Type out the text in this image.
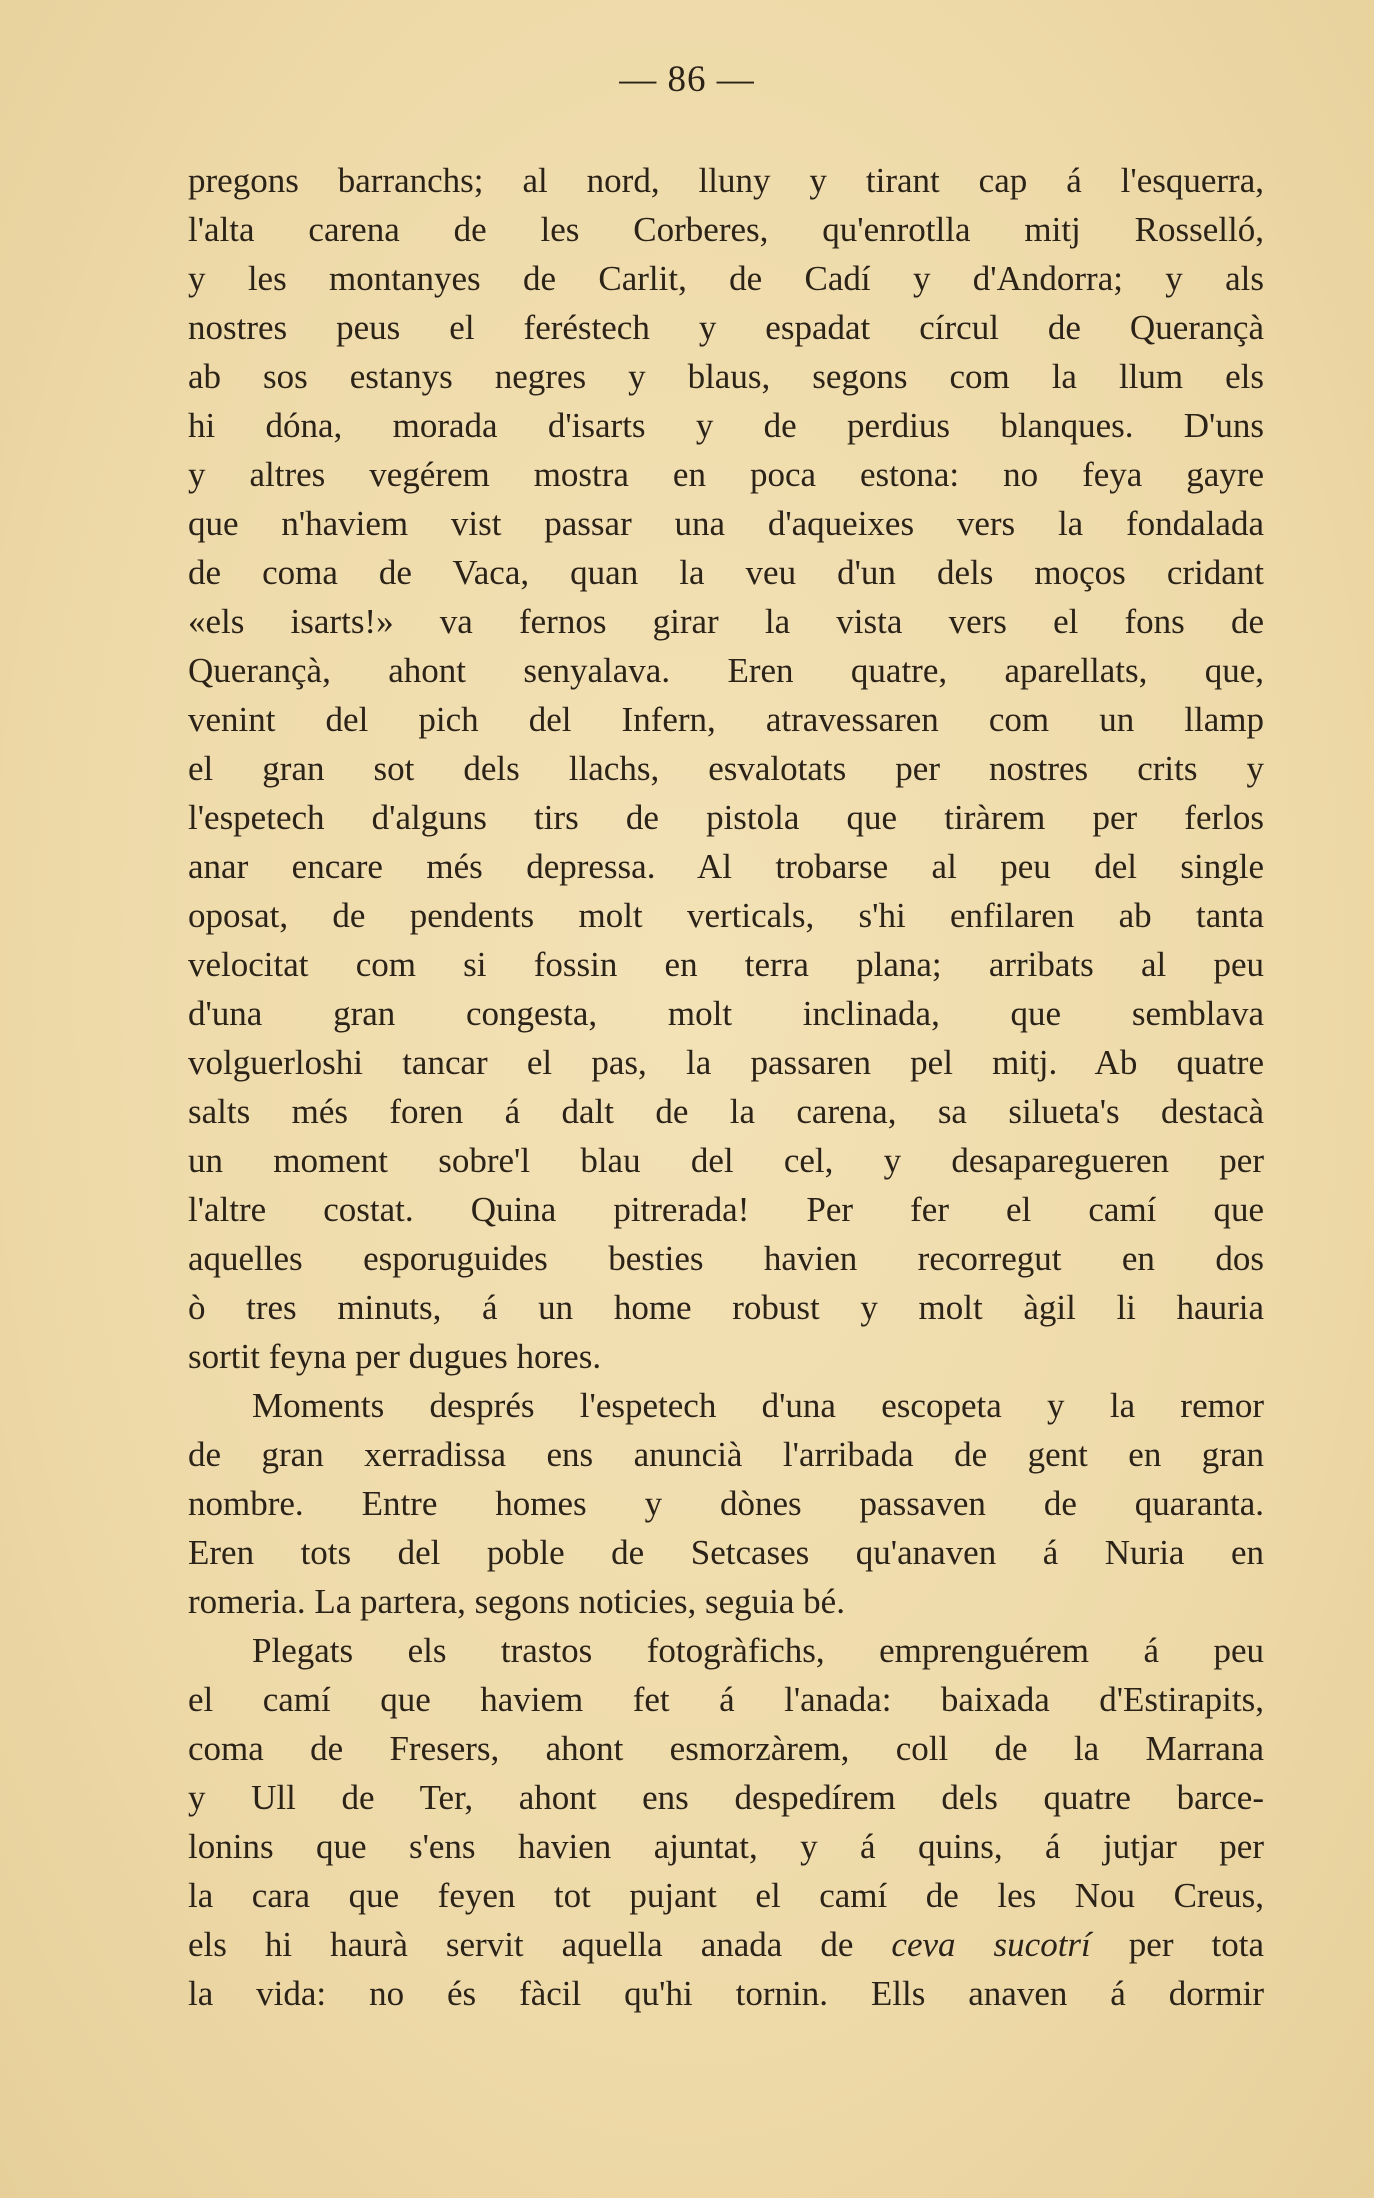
— 86 —
pregons barranchs; al nord, lluny y tirant cap á l'esquerra,
l'alta carena de les Corberes, qu'enrotlla mitj Rosselló,
y les montanyes de Carlit, de Cadí y d'Andorra; y als
nostres peus el feréstech y espadat círcul de Querançà
ab sos estanys negres y blaus, segons com la llum els
hi dóna, morada d'isarts y de perdius blanques. D'uns
y altres vegérem mostra en poca estona: no feya gayre
que n'haviem vist passar una d'aqueixes vers la fondalada
de coma de Vaca, quan la veu d'un dels moços cridant
«els isarts!» va fernos girar la vista vers el fons de
Querançà, ahont senyalava. Eren quatre, aparellats, que,
venint del pich del Infern, atravessaren com un llamp
el gran sot dels llachs, esvalotats per nostres crits y
l'espetech d'alguns tirs de pistola que tiràrem per ferlos
anar encare més depressa. Al trobarse al peu del single
oposat, de pendents molt verticals, s'hi enfilaren ab tanta
velocitat com si fossin en terra plana; arribats al peu
d'una gran congesta, molt inclinada, que semblava
volguerloshi tancar el pas, la passaren pel mitj. Ab quatre
salts més foren á dalt de la carena, sa silueta's destacà
un moment sobre'l blau del cel, y desaparegueren per
l'altre costat. Quina pitrerada! Per fer el camí que
aquelles esporuguides besties havien recorregut en dos
ò tres minuts, á un home robust y molt àgil li hauria
sortit feyna per dugues hores.
Moments després l'espetech d'una escopeta y la remor
de gran xerradissa ens anuncià l'arribada de gent en gran
nombre. Entre homes y dònes passaven de quaranta.
Eren tots del poble de Setcases qu'anaven á Nuria en
romeria. La partera, segons noticies, seguia bé.
Plegats els trastos fotogràfichs, emprenguérem á peu
el camí que haviem fet á l'anada: baixada d'Estirapits,
coma de Fresers, ahont esmorzàrem, coll de la Marrana
y Ull de Ter, ahont ens despedírem dels quatre barce-
lonins que s'ens havien ajuntat, y á quins, á jutjar per
la cara que feyen tot pujant el camí de les Nou Creus,
els hi haurà servit aquella anada de ceva sucotrí per tota
la vida: no és fàcil qu'hi tornin. Ells anaven á dormir
